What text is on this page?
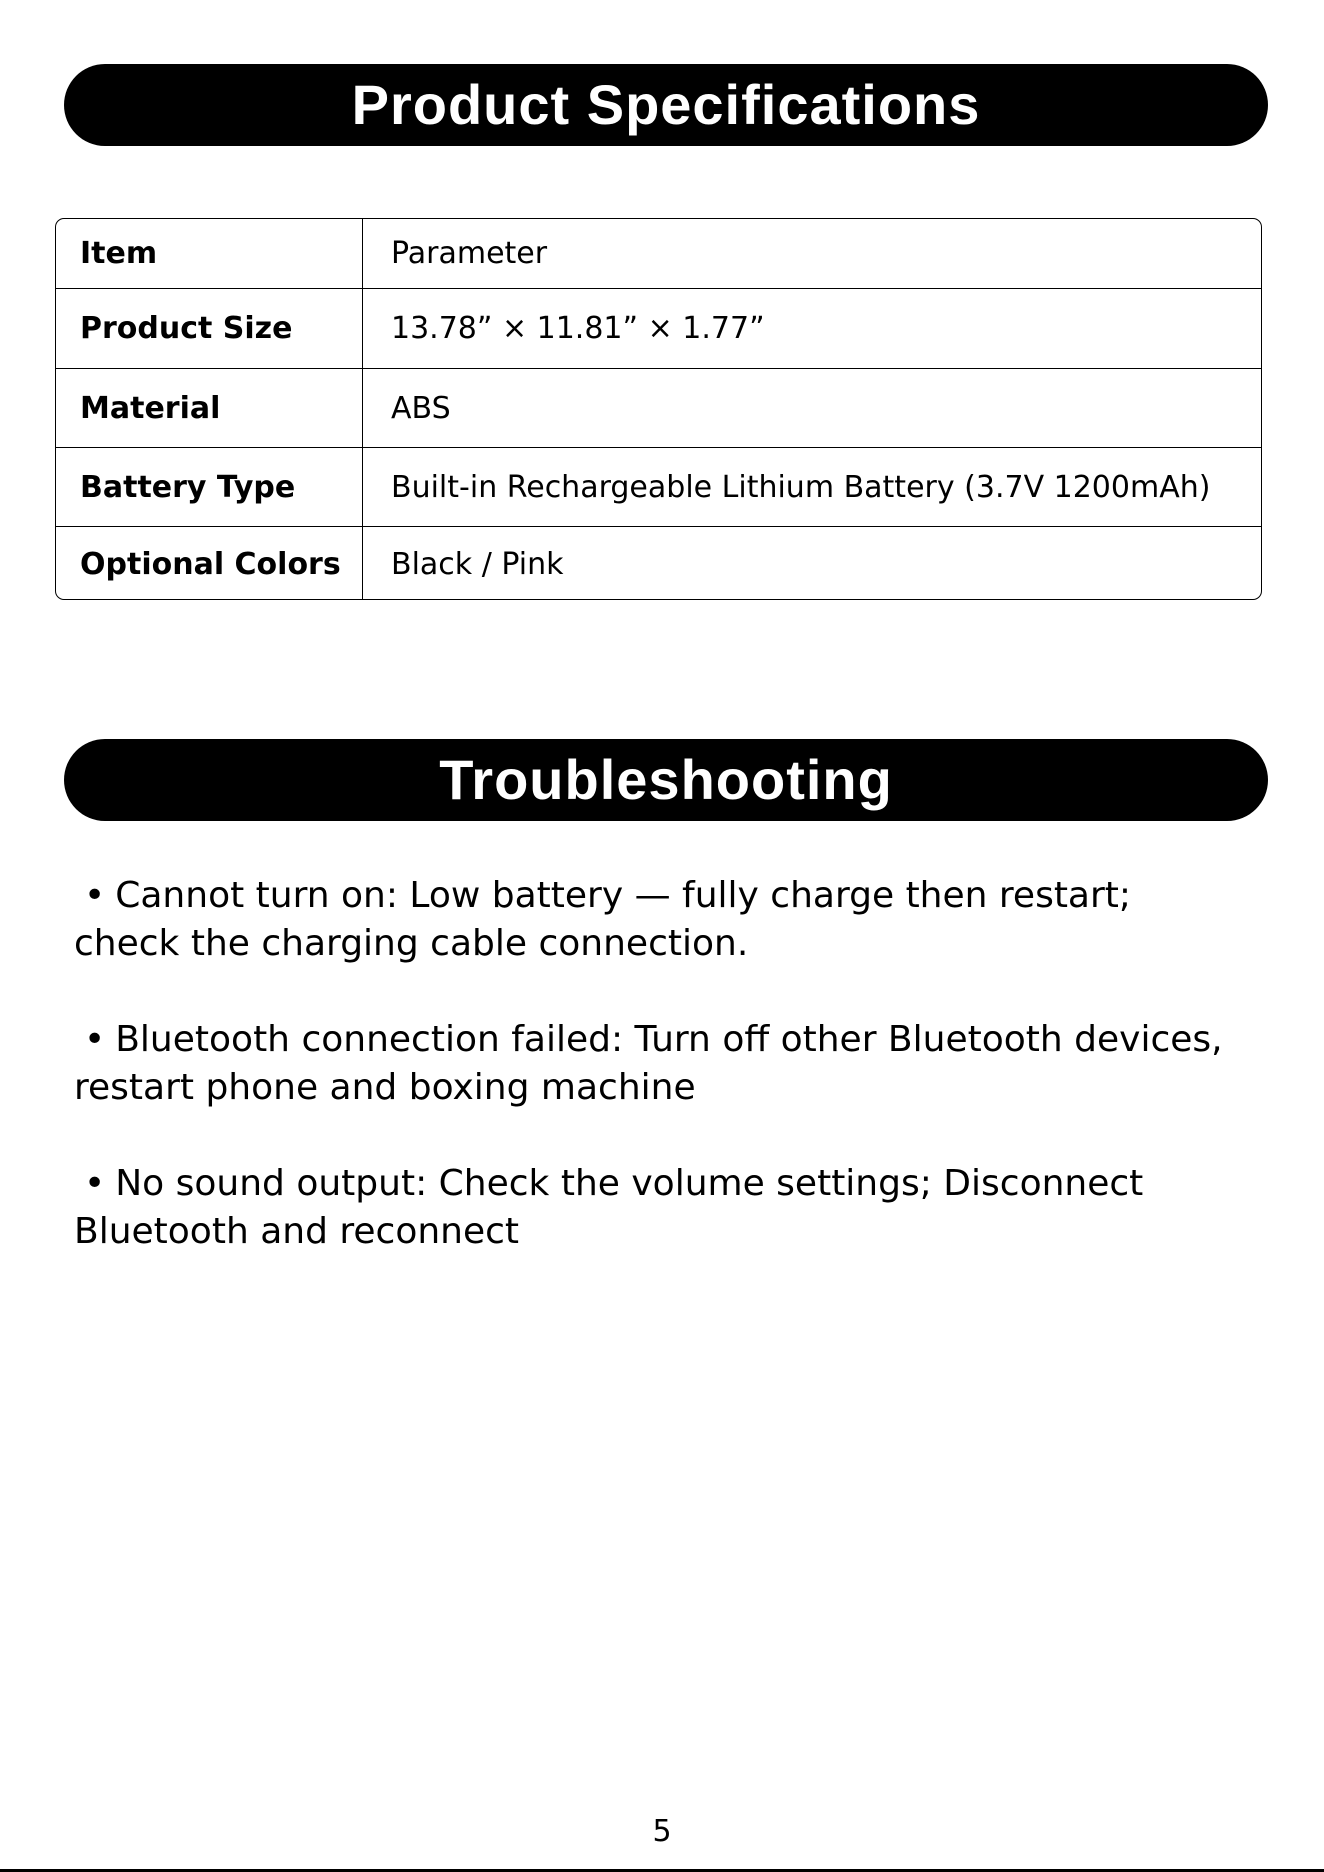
Product Specifications
Item	Parameter
Product Size	13.78” × 11.81” × 1.77”
Material	ABS
Battery Type	Built-in Rechargeable Lithium Battery (3.7V 1200mAh)
Optional Colors	Black / Pink
Troubleshooting
• Cannot turn on: Low battery — fully charge then restart; check the charging cable connection.
• Bluetooth connection failed: Turn off other Bluetooth devices, restart phone and boxing machine
• No sound output: Check the volume settings; Disconnect Bluetooth and reconnect
5
